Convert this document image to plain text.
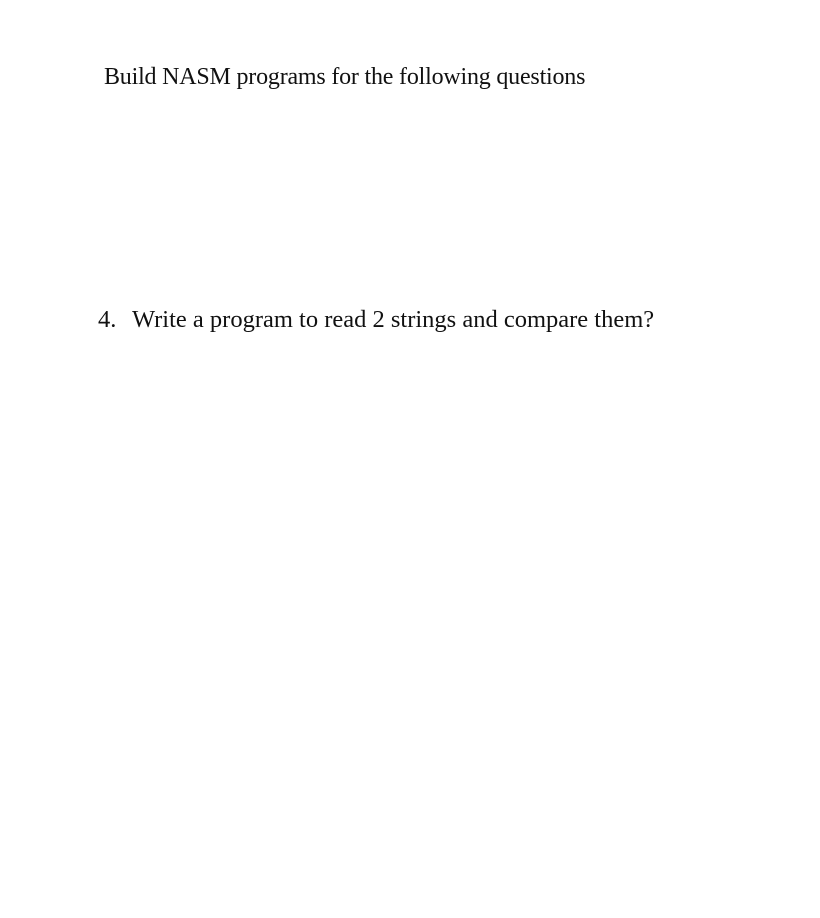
Build NASM programs for the following questions
4. Write a program to read 2 strings and compare them?
